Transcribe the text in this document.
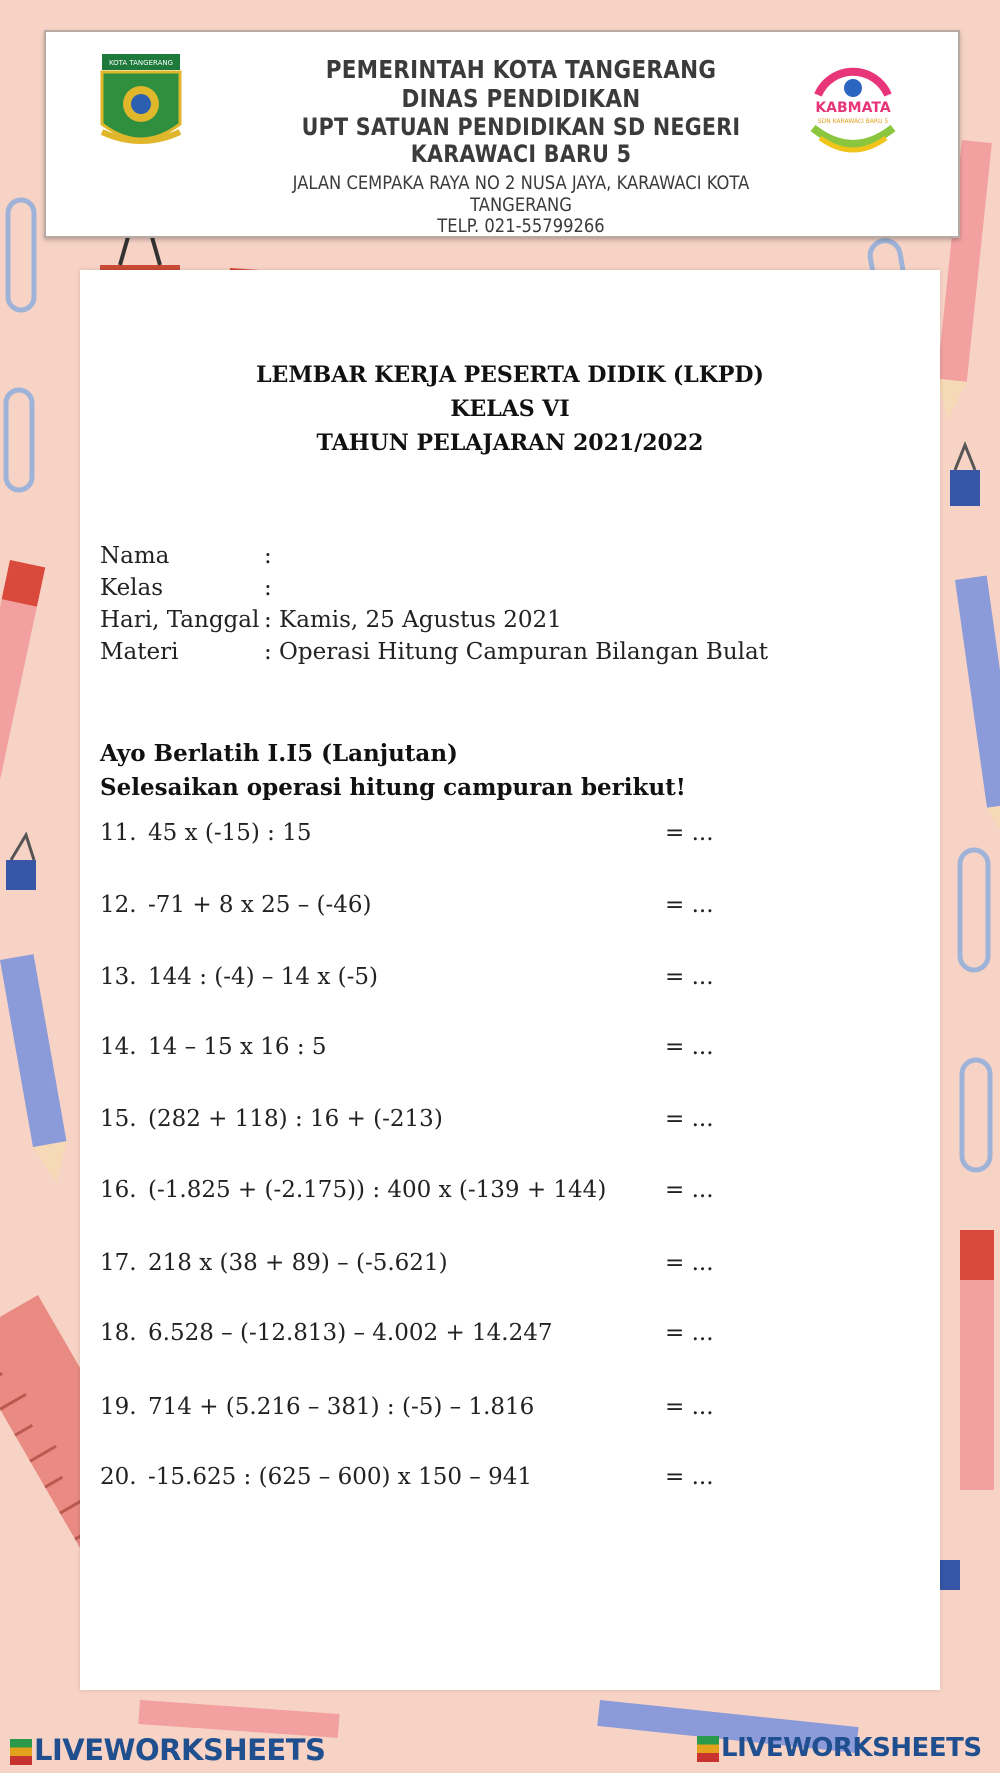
KOTA TANGERANG	PEMERINTAH KOTA TANGERANG
DINAS PENDIDIKAN
UPT SATUAN PENDIDIKAN SD NEGERI KARAWACI BARU 5
JALAN CEMPAKA RAYA NO 2 NUSA JAYA, KARAWACI KOTA TANGERANG
TELP. 021-55799266
KABMATA
SDN KARAWACI BARU 5
LEMBAR KERJA PESERTA DIDIK (LKPD)
KELAS VI
TAHUN PELAJARAN 2021/2022
Nama	:
Kelas	:
Hari, Tanggal : Kamis, 25 Agustus 2021
Materi	: Operasi Hitung Campuran Bilangan Bulat
Ayo Berlatih I.I5 (Lanjutan)
Selesaikan operasi hitung campuran berikut!
11. 45 x (-15) : 15	= ...
12. -71 + 8 x 25 – (-46)	= ...
13. 144 : (-4) – 14 x (-5)	= ...
14. 14 – 15 x 16 : 5	= ...
15. (282 + 118) : 16 + (-213)	= ...
16. (-1.825 + (-2.175)) : 400 x (-139 + 144)	= ...
17. 218 x (38 + 89) – (-5.621)	= ...
18. 6.528 – (-12.813) – 4.002 + 14.247	= ...
19. 714 + (5.216 – 381) : (-5) – 1.816	= ...
20. -15.625 : (625 – 600) x 150 – 941	= ...
LIVEWORKSHEETS	LIVEWORKSHEETS
